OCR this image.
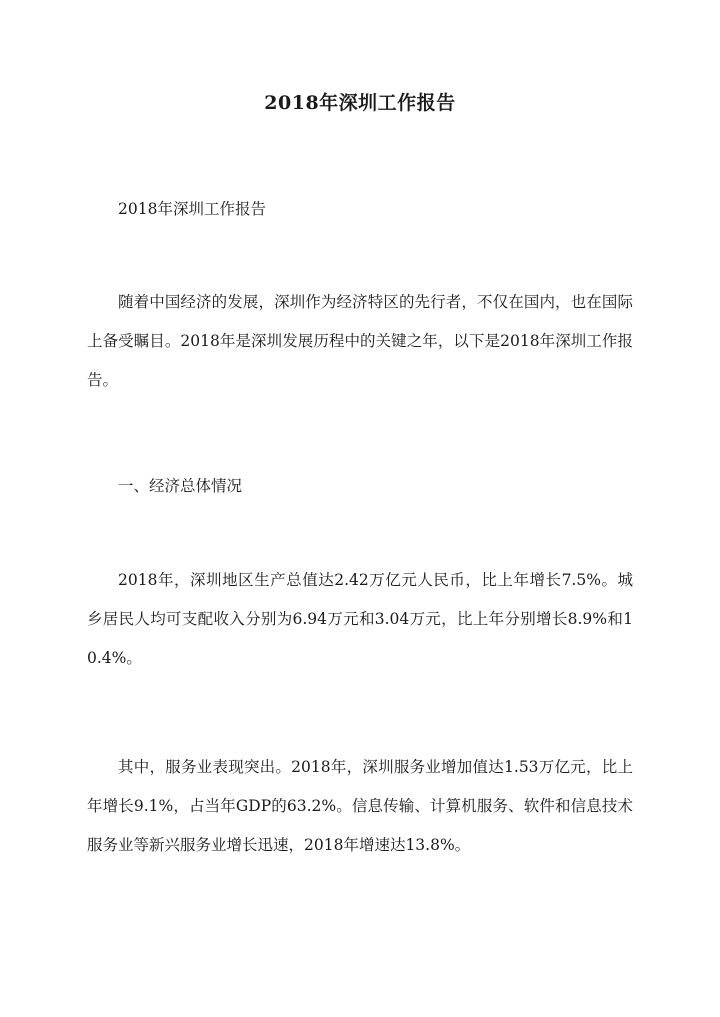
2018年深圳工作报告

2018年深圳工作报告

随着中国经济的发展，深圳作为经济特区的先行者，不仅在国内，也在国际上备受瞩目。2018年是深圳发展历程中的关键之年，以下是2018年深圳工作报告。

一、经济总体情况

2018年，深圳地区生产总值达2.42万亿元人民币，比上年增长7.5%。城乡居民人均可支配收入分别为6.94万元和3.04万元，比上年分别增长8.9%和10.4%。

其中，服务业表现突出。2018年，深圳服务业增加值达1.53万亿元，比上年增长9.1%，占当年GDP的63.2%。信息传输、计算机服务、软件和信息技术服务业等新兴服务业增长迅速，2018年增速达13.8%。
